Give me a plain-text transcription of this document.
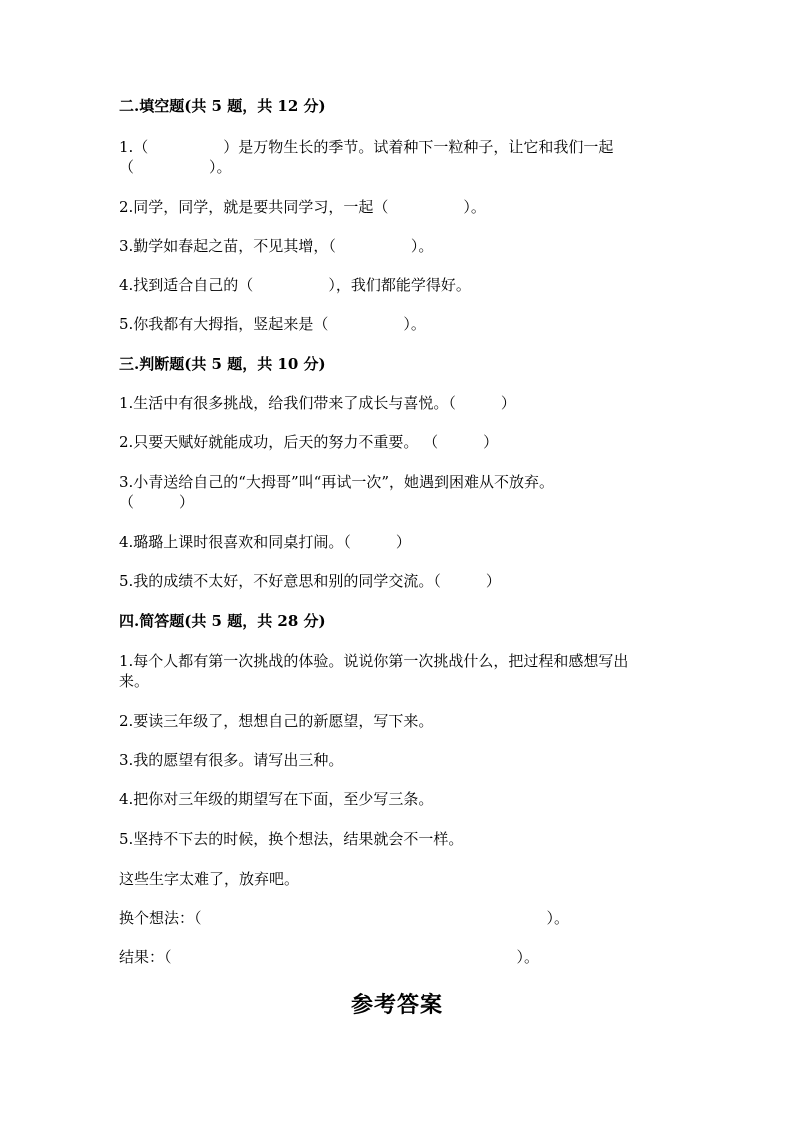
二.填空题(共 5 题，共 12 分)
1.（　　　　　）是万物生长的季节。试着种下一粒种子，让它和我们一起
（　　　　　）。
2.同学，同学，就是要共同学习，一起（　　　　　）。
3.勤学如春起之苗，不见其增，（　　　　　）。
4.找到适合自己的（　　　　　），我们都能学得好。
5.你我都有大拇指，竖起来是（　　　　　）。
三.判断题(共 5 题，共 10 分)
1.生活中有很多挑战，给我们带来了成长与喜悦。（　　　）
2.只要天赋好就能成功，后天的努力不重要。 （　　　）
3.小青送给自己的“大拇哥”叫“再试一次”，她遇到困难从不放弃。
（　　　）
4.璐璐上课时很喜欢和同桌打闹。（　　　）
5.我的成绩不太好，不好意思和别的同学交流。（　　　）
四.简答题(共 5 题，共 28 分)
1.每个人都有第一次挑战的体验。说说你第一次挑战什么，把过程和感想写出
来。
2.要读三年级了，想想自己的新愿望，写下来。
3.我的愿望有很多。请写出三种。
4.把你对三年级的期望写在下面，至少写三条。
5.坚持不下去的时候，换个想法，结果就会不一样。
这些生字太难了，放弃吧。
换个想法：（　　　　　　　　　　　　　　　　　　　　　　　）。
结果：（　　　　　　　　　　　　　　　　　　　　　　　）。
参考答案
